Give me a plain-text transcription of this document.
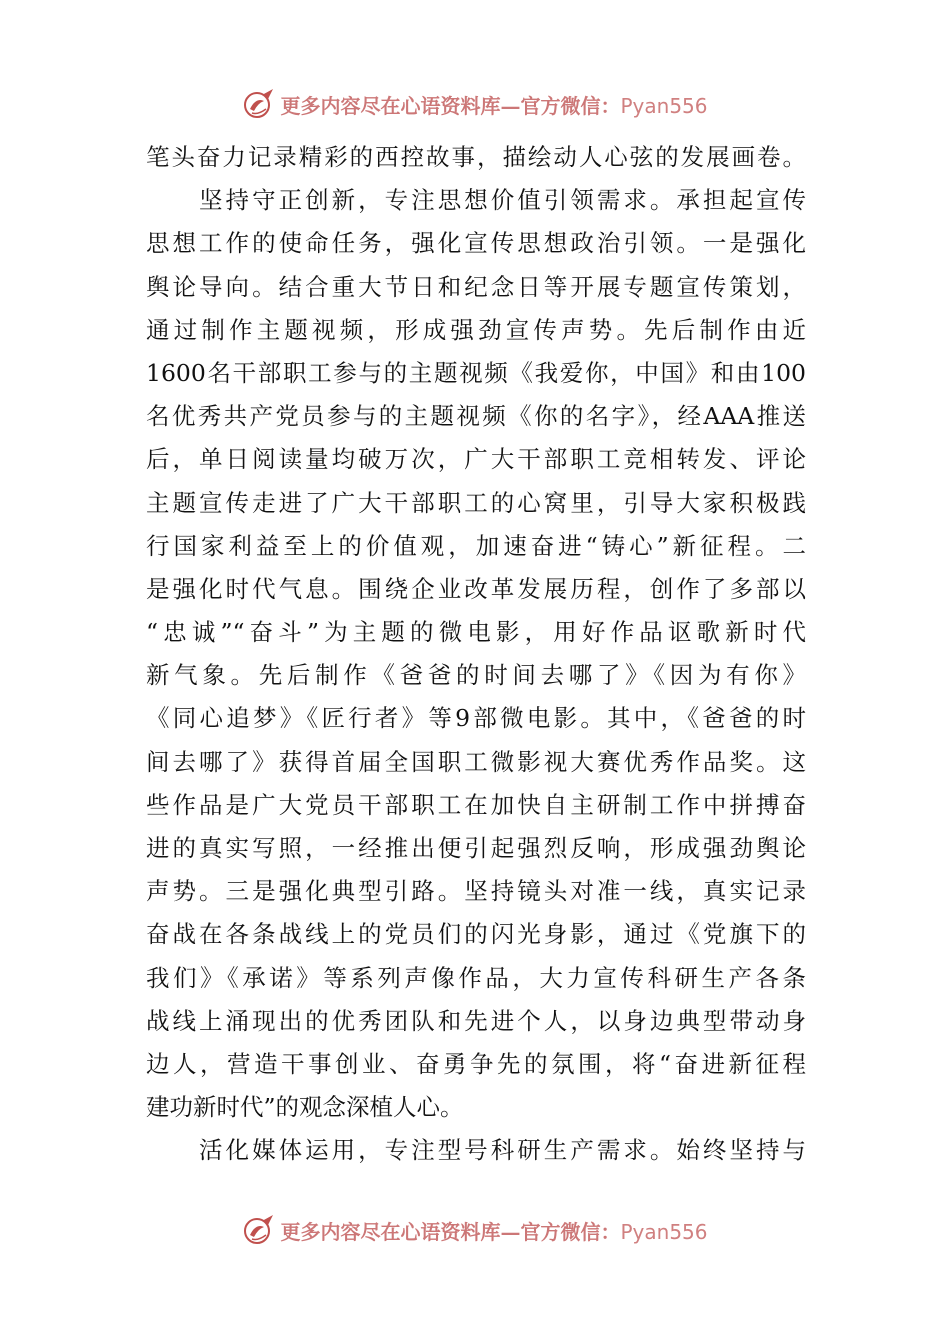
更多内容尽在心语资料库—官方微信：Pyan556
笔头奋力记录精彩的西控故事，描绘动人心弦的发展画卷。
　　坚持守正创新，专注思想价值引领需求。承担起宣传
思想工作的使命任务，强化宣传思想政治引领。一是强化
舆论导向。结合重大节日和纪念日等开展专题宣传策划，
通过制作主题视频，形成强劲宣传声势。先后制作由近
1600名干部职工参与的主题视频《我爱你，中国》和由100
名优秀共产党员参与的主题视频《你的名字》，经AAA推送
后，单日阅读量均破万次，广大干部职工竞相转发、评论
主题宣传走进了广大干部职工的心窝里，引导大家积极践
行国家利益至上的价值观，加速奋进“铸心”新征程。二
是强化时代气息。围绕企业改革发展历程，创作了多部以
“忠诚”“奋斗”为主题的微电影，用好作品讴歌新时代
新气象。先后制作《爸爸的时间去哪了》《因为有你》
《同心追梦》《匠行者》等9部微电影。其中，《爸爸的时
间去哪了》获得首届全国职工微影视大赛优秀作品奖。这
些作品是广大党员干部职工在加快自主研制工作中拼搏奋
进的真实写照，一经推出便引起强烈反响，形成强劲舆论
声势。三是强化典型引路。坚持镜头对准一线，真实记录
奋战在各条战线上的党员们的闪光身影，通过《党旗下的
我们》《承诺》等系列声像作品，大力宣传科研生产各条
战线上涌现出的优秀团队和先进个人，以身边典型带动身
边人，营造干事创业、奋勇争先的氛围，将“奋进新征程
建功新时代”的观念深植人心。
　　活化媒体运用，专注型号科研生产需求。始终坚持与
更多内容尽在心语资料库—官方微信：Pyan556
